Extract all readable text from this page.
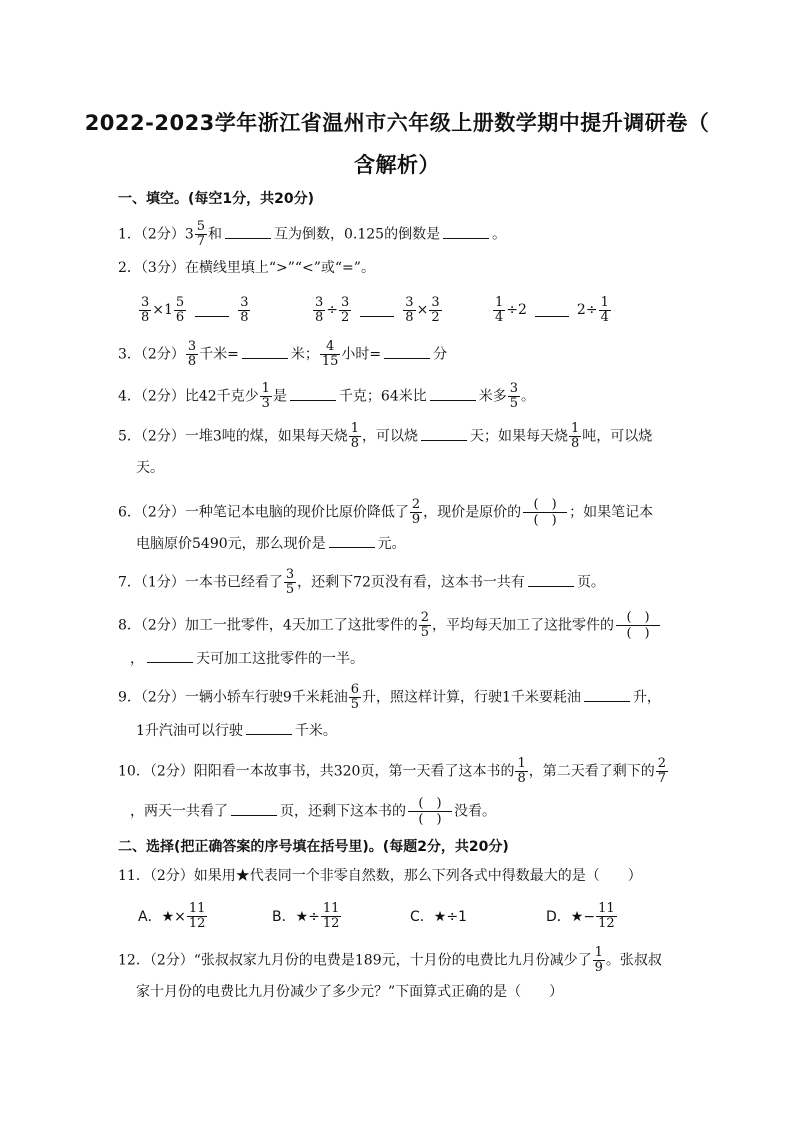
2022-2023学年浙江省温州市六年级上册数学期中提升调研卷（
含解析）
一、填空。(每空1分，共20分)
1．（2分）$3 \frac{5}{7}$ 和	互为倒数，0.125的倒数是	。
2．（3分）在横线里填上“>”“<”或“=”。
$\frac{3}{8} \times 1$ 5
6
3
8	$\frac{3}{8} \div \frac{3}{2}$	$\frac{3}{8} \times \frac{3}{2}$	$\frac{1}{4} \div 2$	$2\div \frac{1}{4}$
3．（2分） $\frac{3}{8}$ 千米=	米； $\frac{4}{15}$ 小时=	分
4．（2分）比42千克少 $\frac{1}{3}$ 是	千克；64米比	米多 $\frac{3}{5}$ 。
5．（2分）一堆3吨的煤，如果每天烧 $\frac{1}{8}$ ，可以烧	天；如果每天烧 $\frac{1}{8}$ 吨，可以烧
天。
6．（2分）一种笔记本电脑的现价比原价降低了 $\frac{2}{9}$ ，现价是原价的 (　)
(　) ；如果笔记本
电脑原价5490元，那么现价是	元。
7．（1分）一本书已经看了 $\frac{3}{5}$ ，还剩下72页没有看，这本书一共有	页。
8．（2分）加工一批零件，4天加工了这批零件的 $\frac{2}{5}$ ，平均每天加工了这批零件的 (　)
(　)
，	天可加工这批零件的一半。
9．（2分）一辆小轿车行驶9千米耗油 $\frac{6}{5}$ 升，照这样计算，行驶1千米要耗油	升，
1升汽油可以行驶	千米。
10．（2分）阳阳看一本故事书，共320页，第一天看了这本书的 $\frac{1}{8}$ ，第二天看了剩下的 $\frac{2}{7}$
，两天一共看了	页，还剩下这本书的 (　)
(　) 没看。
二、选择(把正确答案的序号填在括号里)。(每题2分，共20分)
11．（2分）如果用★代表同一个非零自然数，那么下列各式中得数最大的是（　　）
A．★× $\frac{11}{12}$	B．★÷ $\frac{11}{12}$	C．★÷1	D．★− $\frac{11}{12}$
12．（2分）“张叔叔家九月份的电费是189元，十月份的电费比九月份减少了 $\frac{1}{9}$ 。张叔叔
家十月份的电费比九月份减少了多少元？”下面算式正确的是（　　）
